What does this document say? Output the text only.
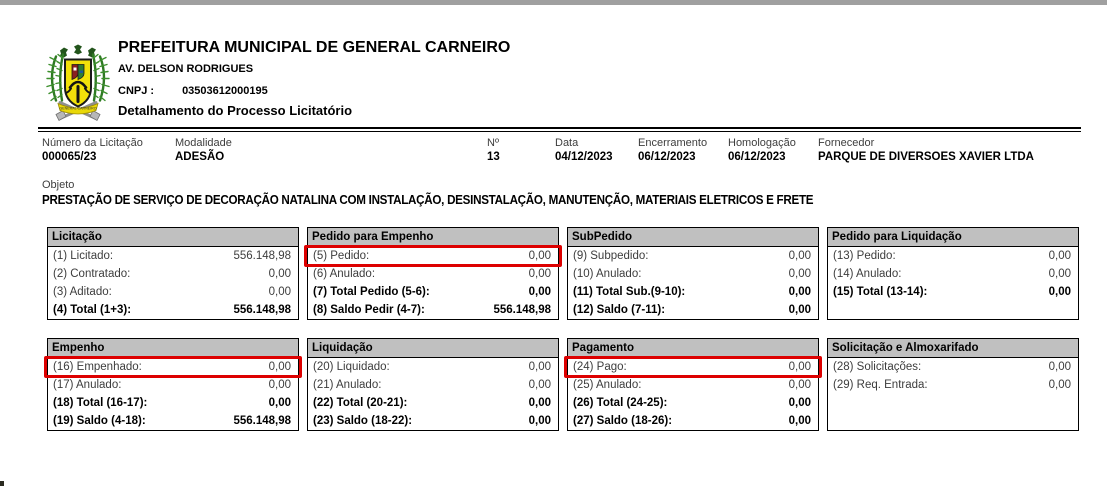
GENERAL CARNEIRO
PREFEITURA MUNICIPAL DE GENERAL CARNEIRO
AV. DELSON RODRIGUES
CNPJ :	03503612000195
Detalhamento do Processo Licitatório
Número da Licitação
000065/23
Modalidade
ADESÃO
Nº
13
Data
04/12/2023
Encerramento
06/12/2023
Homologação
06/12/2023
Fornecedor
PARQUE DE DIVERSOES XAVIER LTDA
Objeto
PRESTAÇÃO DE SERVIÇO DE DECORAÇÃO NATALINA COM INSTALAÇÃO, DESINSTALAÇÃO, MANUTENÇÃO, MATERIAIS ELETRICOS E FRETE
Licitação
(1) Licitado:	556.148,98
(2) Contratado:	0,00
(3) Aditado:	0,00
(4) Total (1+3):	556.148,98
Pedido para Empenho
(5) Pedido:	0,00
(6) Anulado:	0,00
(7) Total Pedido (5-6):	0,00
(8) Saldo Pedir (4-7):	556.148,98
SubPedido
(9) Subpedido:	0,00
(10) Anulado:	0,00
(11) Total Sub.(9-10):	0,00
(12) Saldo (7-11):	0,00
Pedido para Liquidação
(13) Pedido:	0,00
(14) Anulado:	0,00
(15) Total (13-14):	0,00
Empenho
(16) Empenhado:	0,00
(17) Anulado:	0,00
(18) Total (16-17):	0,00
(19) Saldo (4-18):	556.148,98
Liquidação
(20) Liquidado:	0,00
(21) Anulado:	0,00
(22) Total (20-21):	0,00
(23) Saldo (18-22):	0,00
Pagamento
(24) Pago:	0,00
(25) Anulado:	0,00
(26) Total (24-25):	0,00
(27) Saldo (18-26):	0,00
Solicitação e Almoxarifado
(28) Solicitações:	0,00
(29) Req. Entrada:	0,00
